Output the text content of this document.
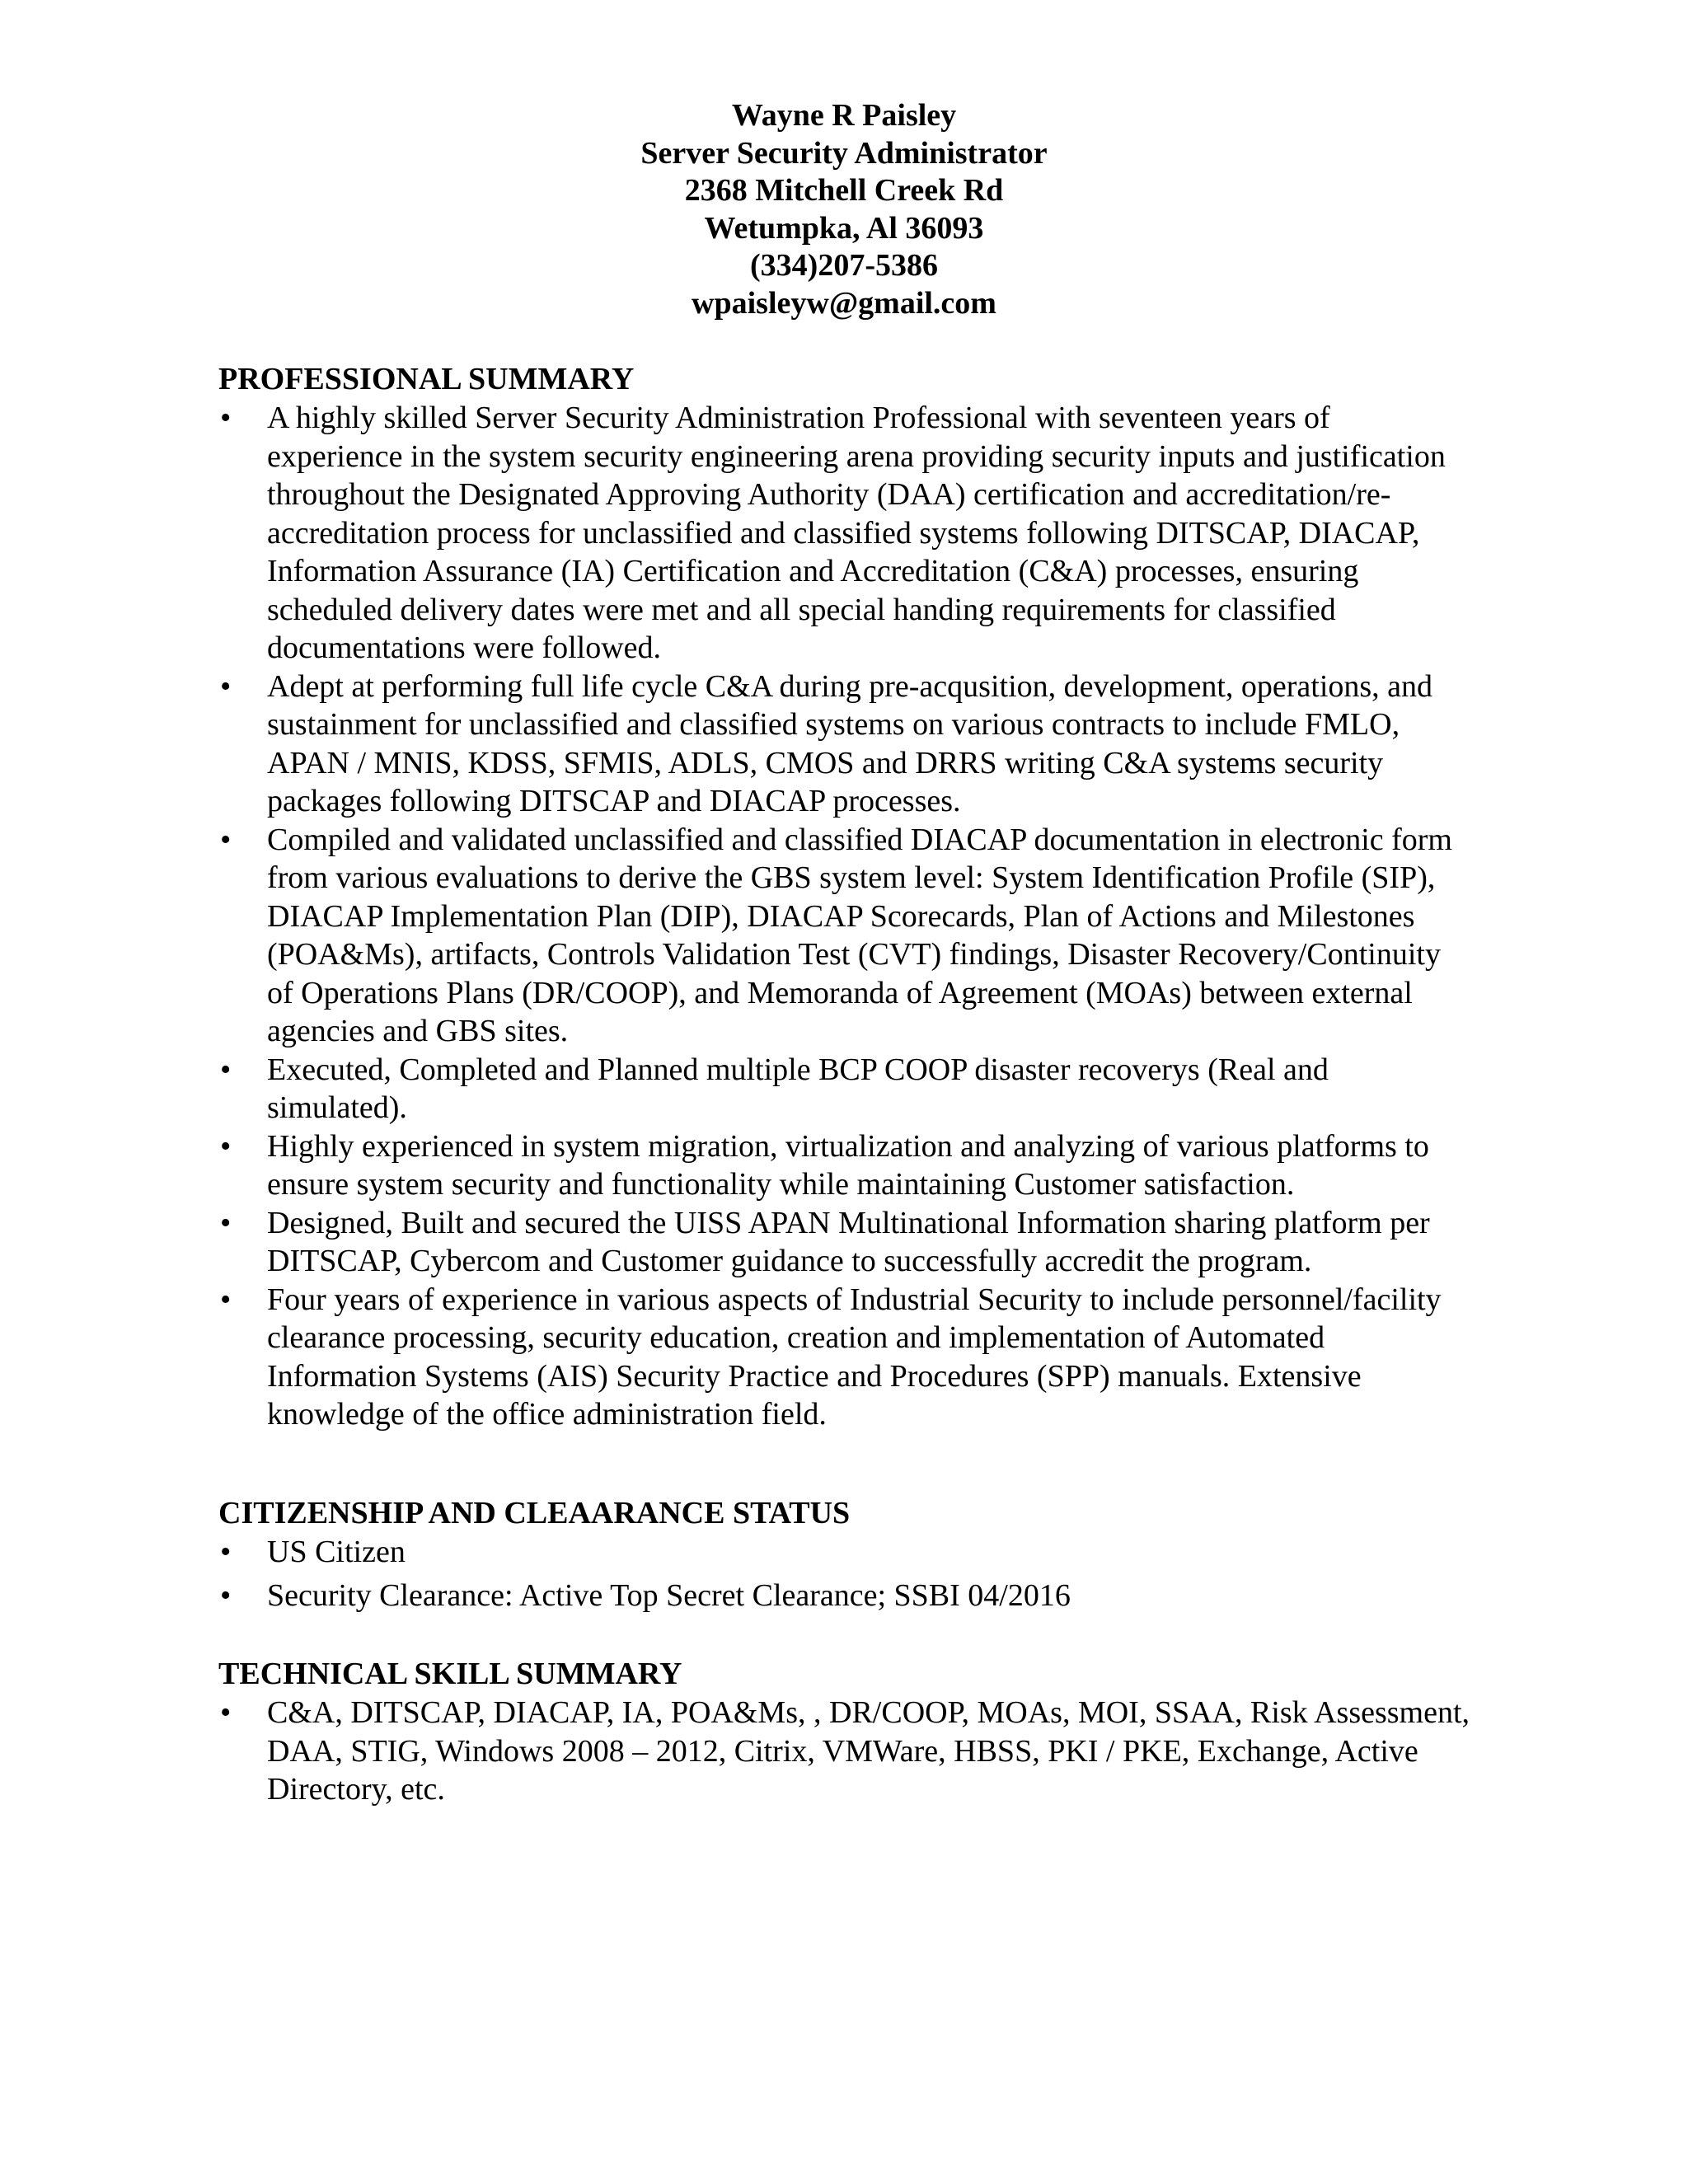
Wayne R Paisley
Server Security Administrator
2368 Mitchell Creek Rd
Wetumpka, Al 36093
(334)207-5386
wpaisleyw@gmail.com
PROFESSIONAL SUMMARY
•	A highly skilled Server Security Administration Professional with seventeen years of experience in the system security engineering arena providing security inputs and justification throughout the Designated Approving Authority (DAA) certification and accreditation/re-accreditation process for unclassified and classified systems following DITSCAP, DIACAP, Information Assurance (IA) Certification and Accreditation (C&A) processes, ensuring scheduled delivery dates were met and all special handing requirements for classified documentations were followed.
•	Adept at performing full life cycle C&A during pre-acqusition, development, operations, and sustainment for unclassified and classified systems on various contracts to include FMLO, APAN / MNIS, KDSS, SFMIS, ADLS, CMOS and DRRS writing C&A systems security packages following DITSCAP and DIACAP processes.
•	Compiled and validated unclassified and classified DIACAP documentation in electronic form from various evaluations to derive the GBS system level: System Identification Profile (SIP), DIACAP Implementation Plan (DIP), DIACAP Scorecards, Plan of Actions and Milestones (POA&Ms), artifacts, Controls Validation Test (CVT) findings, Disaster Recovery/Continuity of Operations Plans (DR/COOP), and Memoranda of Agreement (MOAs) between external agencies and GBS sites.
•	Executed, Completed and Planned multiple BCP COOP disaster recoverys (Real and simulated).
•	Highly experienced in system migration, virtualization and analyzing of various platforms to ensure system security and functionality while maintaining Customer satisfaction.
•	Designed, Built and secured the UISS APAN Multinational Information sharing platform per DITSCAP, Cybercom and Customer guidance to successfully accredit the program.
•	Four years of experience in various aspects of Industrial Security to include personnel/facility clearance processing, security education, creation and implementation of Automated Information Systems (AIS) Security Practice and Procedures (SPP) manuals. Extensive knowledge of the office administration field.
CITIZENSHIP AND CLEAARANCE STATUS
•	US Citizen
•	Security Clearance: Active Top Secret Clearance; SSBI 04/2016
TECHNICAL SKILL SUMMARY
•	C&A, DITSCAP, DIACAP, IA, POA&Ms, , DR/COOP, MOAs, MOI, SSAA, Risk Assessment, DAA, STIG, Windows 2008 – 2012, Citrix, VMWare, HBSS, PKI / PKE, Exchange, Active Directory, etc.
